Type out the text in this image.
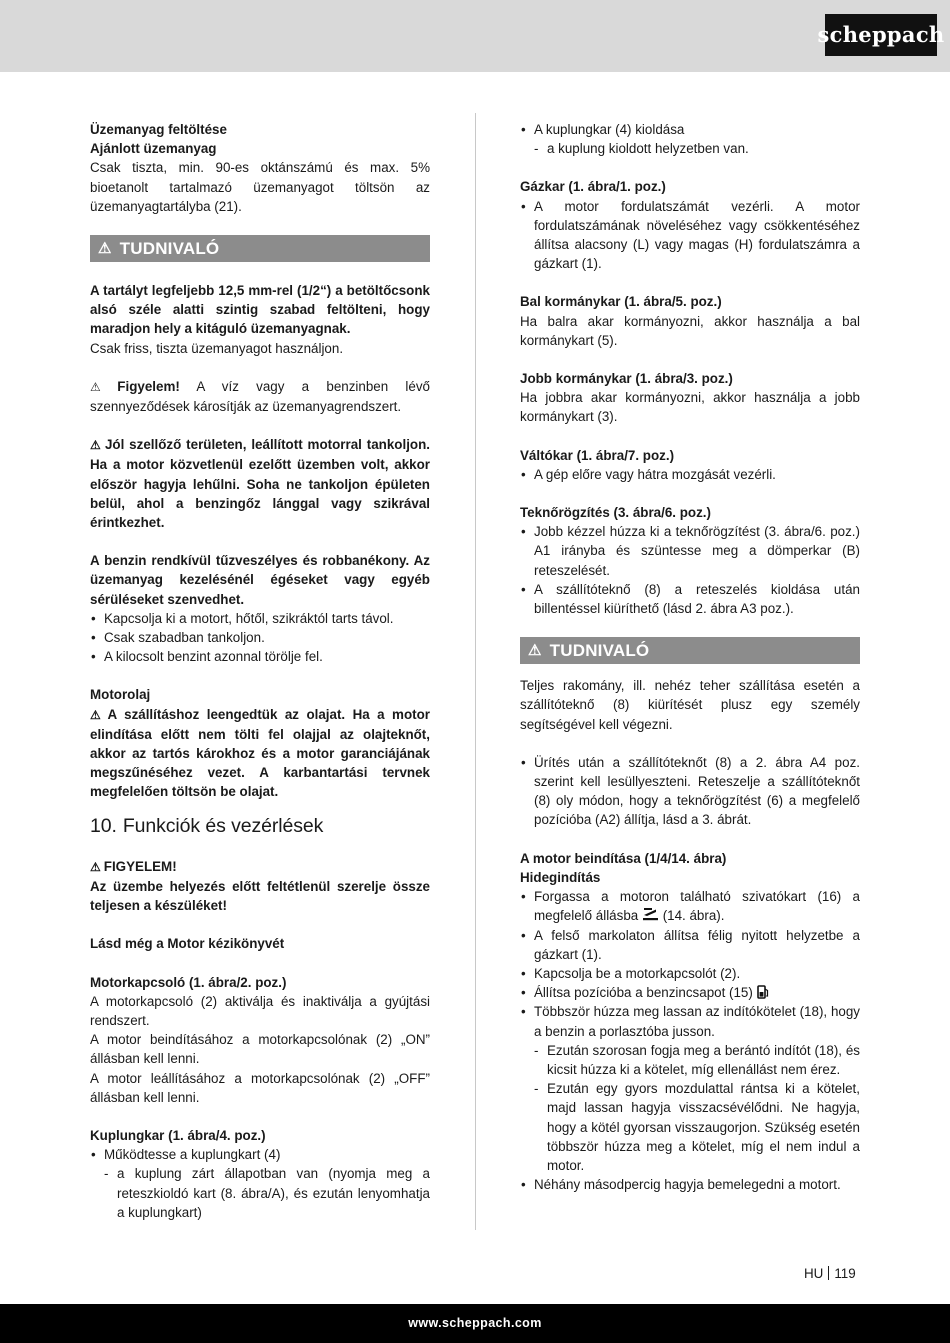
scheppach
Üzemanyag feltöltése
Ajánlott üzemanyag

Csak tiszta, min. 90-es oktánszámú és max. 5% bioetanolt tartalmazó üzemanyagot töltsön az üzemanyagtartályba (21).

⚠ TUDNIVALÓ

A tartályt legfeljebb 12,5 mm-rel (1/2“) a betöltőcsonk alsó széle alatti szintig szabad feltölteni, hogy maradjon hely a kitáguló üzemanyagnak.

Csak friss, tiszta üzemanyagot használjon.

⚠ Figyelem! A víz vagy a benzinben lévő szennyeződések károsítják az üzemanyagrendszert.

⚠ Jól szellőző területen, leállított motorral tankoljon. Ha a motor közvetlenül ezelőtt üzemben volt, akkor először hagyja lehűlni. Soha ne tankoljon épületen belül, ahol a benzingőz lánggal vagy szikrával érintkezhet.

A benzin rendkívül tűzveszélyes és robbanékony. Az üzemanyag kezelésénél égéseket vagy egyéb sérüléseket szenvedhet.

• Kapcsolja ki a motort, hőtől, szikráktól tarts távol.
• Csak szabadban tankoljon.
• A kilocsolt benzint azonnal törölje fel.
Motorolaj

⚠ A szállításhoz leengedtük az olajat. Ha a motor elindítása előtt nem tölti fel olajjal az olajteknőt, akkor az tartós károkhoz és a motor garanciájának megszűnéséhez vezet. A karbantartási tervnek megfelelően töltsön be olajat.

10. Funkciók és vezérlések
⚠ FIGYELEM!

Az üzembe helyezés előtt feltétlenül szerelje össze teljesen a készüléket!

Lásd még a Motor kézikönyvét
Motorkapcsoló (1. ábra/2. poz.)

A motorkapcsoló (2) aktiválja és inaktiválja a gyújtási rendszert.

A motor beindításához a motorkapcsolónak (2) „ON” állásban kell lenni.

A motor leállításához a motorkapcsolónak (2) „OFF” állásban kell lenni.

Kuplungkar (1. ábra/4. poz.)
• Működtesse a kuplungkart (4)
- a kuplung zárt állapotban van (nyomja meg a reteszkioldó kart (8. ábra/A), és ezután lenyomhatja a kuplungkart)
• A kuplungkar (4) kioldása
- a kuplung kioldott helyzetben van.
Gázkar (1. ábra/1. poz.)
• A motor fordulatszámát vezérli. A motor fordulatszámának növeléséhez vagy csökkentéséhez állítsa alacsony (L) vagy magas (H) fordulatszámra a gázkart (1).
Bal kormánykar (1. ábra/5. poz.)

Ha balra akar kormányozni, akkor használja a bal kormánykart (5).

Jobb kormánykar (1. ábra/3. poz.)

Ha jobbra akar kormányozni, akkor használja a jobb kormánykart (3).

Váltókar (1. ábra/7. poz.)
• A gép előre vagy hátra mozgását vezérli.
Teknőrögzítés (3. ábra/6. poz.)
• Jobb kézzel húzza ki a teknőrögzítést (3. ábra/6. poz.) A1 irányba és szüntesse meg a dömperkar (B) reteszelését.
• A szállítóteknő (8) a reteszelés kioldása után billentéssel kiüríthető (lásd 2. ábra A3 poz.).
⚠ TUDNIVALÓ

Teljes rakomány, ill. nehéz teher szállítása esetén a szállítóteknő (8) kiürítését plusz egy személy segítségével kell végezni.

• Ürítés után a szállítóteknőt (8) a 2. ábra A4 poz. szerint kell lesüllyeszteni. Reteszelje a szállítóteknőt (8) oly módon, hogy a teknőrögzítést (6) a megfelelő pozícióba (A2) állítja, lásd a 3. ábrát.
A motor beindítása (1/4/14. ábra)
Hidegindítás
• Forgassa a motoron található szivatókart (16) a megfelelő állásba  (14. ábra).
• A felső markolaton állítsa félig nyitott helyzetbe a gázkart (1).
• Kapcsolja be a motorkapcsolót (2).
• Állítsa pozícióba a benzincsapot (15)
• Többször húzza meg lassan az indítókötelet (18), hogy a benzin a porlasztóba jusson.
- Ezután szorosan fogja meg a berántó indítót (18), és kicsit húzza ki a kötelet, míg ellenállást nem érez.
- Ezután egy gyors mozdulattal rántsa ki a kötelet, majd lassan hagyja visszacsévélődni. Ne hagyja, hogy a kötél gyorsan visszaugorjon. Szükség esetén többször húzza meg a kötelet, míg el nem indul a motor.
• Néhány másodpercig hagyja bemelegedni a motort.
HU 119
www.scheppach.com
